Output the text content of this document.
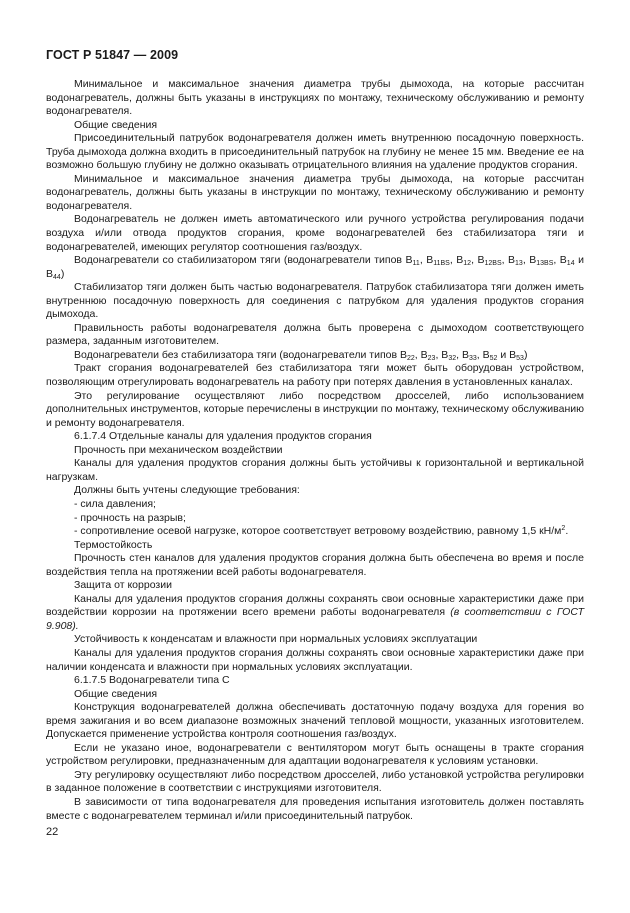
ГОСТ Р 51847 — 2009

Минимальное и максимальное значения диаметра трубы дымохода, на которые рассчитан водонагреватель, должны быть указаны в инструкциях по монтажу, техническому обслуживанию и ремонту водонагревателя.

Общие сведения

Присоединительный патрубок водонагревателя должен иметь внутреннюю посадочную поверхность. Труба дымохода должна входить в присоединительный патрубок на глубину не менее 15 мм. Введение ее на возможно большую глубину не должно оказывать отрицательного влияния на удаление продуктов сгорания.

Минимальное и максимальное значения диаметра трубы дымохода, на которые рассчитан водонагреватель, должны быть указаны в инструкции по монтажу, техническому обслуживанию и ремонту водонагревателя.

Водонагреватель не должен иметь автоматического или ручного устройства регулирования подачи воздуха и/или отвода продуктов сгорания, кроме водонагревателей без стабилизатора тяги и водонагревателей, имеющих регулятор соотношения газ/воздух.

Водонагреватели со стабилизатором тяги (водонагреватели типов $В_{11}$, $В_{11BS}$, $В_{12}$, $В_{12BS}$, $В_{13}$, $В_{13BS}$, $В_{14}$ и $В_{44}$)

Стабилизатор тяги должен быть частью водонагревателя. Патрубок стабилизатора тяги должен иметь внутреннюю посадочную поверхность для соединения с патрубком для удаления продуктов сгорания дымохода.

Правильность работы водонагревателя должна быть проверена с дымоходом соответствующего размера, заданным изготовителем.

Водонагреватели без стабилизатора тяги (водонагреватели типов $В_{22}$, $В_{23}$, $В_{32}$, $В_{33}$, $В_{52}$ и $В_{53}$)

Тракт сгорания водонагревателей без стабилизатора тяги может быть оборудован устройством, позволяющим отрегулировать водонагреватель на работу при потерях давления в установленных каналах.

Это регулирование осуществляют либо посредством дросселей, либо использованием дополнительных инструментов, которые перечислены в инструкции по монтажу, техническому обслуживанию и ремонту водонагревателя.

6.1.7.4 Отдельные каналы для удаления продуктов сгорания

Прочность при механическом воздействии

Каналы для удаления продуктов сгорания должны быть устойчивы к горизонтальной и вертикальной нагрузкам.

Должны быть учтены следующие требования:

- сила давления;

- прочность на разрыв;

- сопротивление осевой нагрузке, которое соответствует ветровому воздействию, равному 1,5 $кН/м^2$.

Термостойкость

Прочность стен каналов для удаления продуктов сгорания должна быть обеспечена во время и после воздействия тепла на протяжении всей работы водонагревателя.

Защита от коррозии

Каналы для удаления продуктов сгорания должны сохранять свои основные характеристики даже при воздействии коррозии на протяжении всего времени работы водонагревателя (в соответствии с ГОСТ 9.908).

Устойчивость к конденсатам и влажности при нормальных условиях эксплуатации

Каналы для удаления продуктов сгорания должны сохранять свои основные характеристики даже при наличии конденсата и влажности при нормальных условиях эксплуатации.

6.1.7.5 Водонагреватели типа С

Общие сведения

Конструкция водонагревателей должна обеспечивать достаточную подачу воздуха для горения во время зажигания и во всем диапазоне возможных значений тепловой мощности, указанных изготовителем. Допускается применение устройства контроля соотношения газ/воздух.

Если не указано иное, водонагреватели с вентилятором могут быть оснащены в тракте сгорания устройством регулировки, предназначенным для адаптации водонагревателя к условиям установки.

Эту регулировку осуществляют либо посредством дросселей, либо установкой устройства регулировки в заданное положение в соответствии с инструкциями изготовителя.

В зависимости от типа водонагревателя для проведения испытания изготовитель должен поставлять вместе с водонагревателем терминал и/или присоединительный патрубок.

22
